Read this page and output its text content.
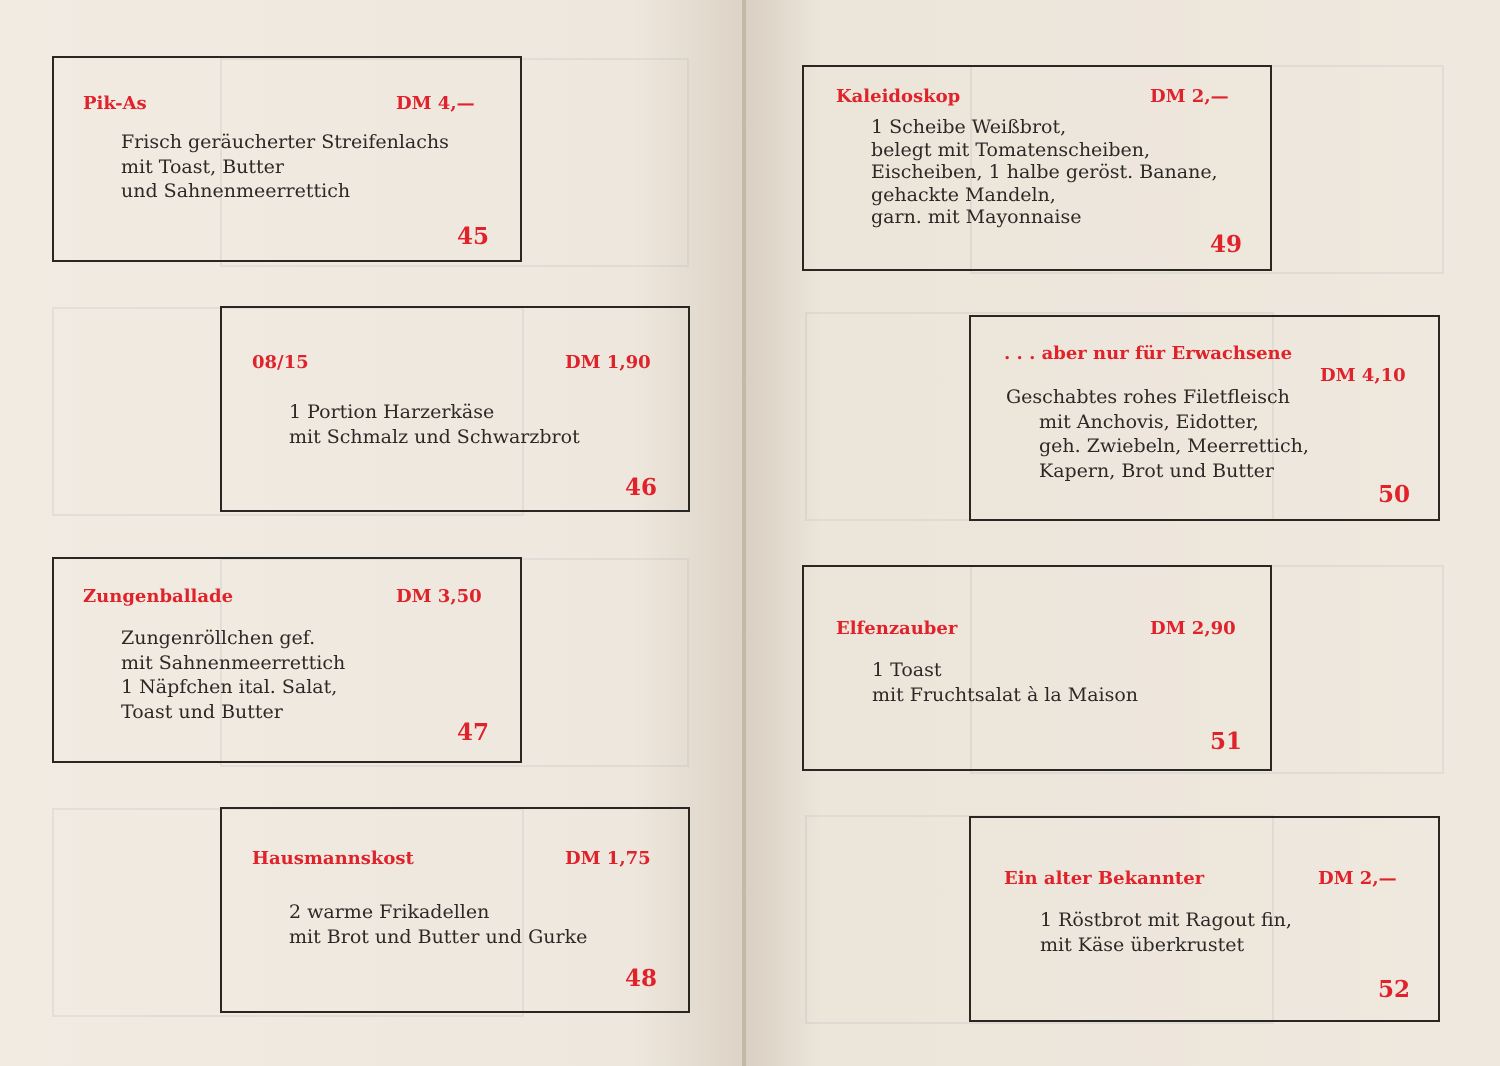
Pik-As	DM 4,—
Frisch geräucherter Streifenlachs
mit Toast, Butter
und Sahnenmeerrettich
45
08/15	DM 1,90
1 Portion Harzerkäse
mit Schmalz und Schwarzbrot
46
Zungenballade	DM 3,50
Zungenröllchen gef.
mit Sahnenmeerrettich
1 Näpfchen ital. Salat,
Toast und Butter
47
Hausmannskost	DM 1,75
2 warme Frikadellen
mit Brot und Butter und Gurke
48
Kaleidoskop	DM 2,—
1 Scheibe Weißbrot,
belegt mit Tomatenscheiben,
Eischeiben, 1 halbe geröst. Banane,
gehackte Mandeln,
garn. mit Mayonnaise
49
. . . aber nur für Erwachsene
DM 4,10
Geschabtes rohes Filetfleisch
mit Anchovis, Eidotter,
geh. Zwiebeln, Meerrettich,
Kapern, Brot und Butter
50
Elfenzauber	DM 2,90
1 Toast
mit Fruchtsalat à la Maison
51
Ein alter Bekannter	DM 2,—
1 Röstbrot mit Ragout fin,
mit Käse überkrustet
52
